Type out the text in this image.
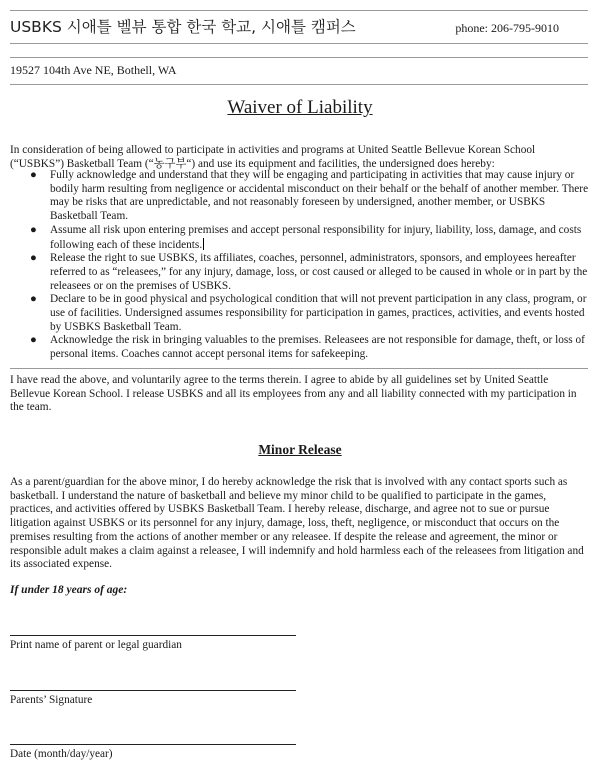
USBKS 시애틀 벨뷰 통합 한국 학교, 시애틀 캠퍼스	phone: 206-795-9010
19527 104th Ave NE, Bothell, WA
Waiver of Liability

In consideration of being allowed to participate in activities and programs at United Seattle Bellevue Korean School (“USBKS”) Basketball Team (“농구부“) and use its equipment and facilities, the undersigned does hereby:

● Fully acknowledge and understand that they will be engaging and participating in activities that may cause injury or bodily harm resulting from negligence or accidental misconduct on their behalf or the behalf of another member. There may be risks that are unpredictable, and not reasonably foreseen by undersigned, another member, or USBKS Basketball Team.
● Assume all risk upon entering premises and accept personal responsibility for injury, liability, loss, damage, and costs following each of these incidents.
● Release the right to sue USBKS, its affiliates, coaches, personnel, administrators, sponsors, and employees hereafter referred to as “releasees,” for any injury, damage, loss, or cost caused or alleged to be caused in whole or in part by the releasees or on the premises of USBKS.
● Declare to be in good physical and psychological condition that will not prevent participation in any class, program, or use of facilities. Undersigned assumes responsibility for participation in games, practices, activities, and events hosted by USBKS Basketball Team.
● Acknowledge the risk in bringing valuables to the premises. Releasees are not responsible for damage, theft, or loss of personal items. Coaches cannot accept personal items for safekeeping.

I have read the above, and voluntarily agree to the terms therein. I agree to abide by all guidelines set by United Seattle Bellevue Korean School. I release USBKS and all its employees from any and all liability connected with my participation in the team.

Minor Release

As a parent/guardian for the above minor, I do hereby acknowledge the risk that is involved with any contact sports such as basketball. I understand the nature of basketball and believe my minor child to be qualified to participate in the games, practices, and activities offered by USBKS Basketball Team. I hereby release, discharge, and agree not to sue or pursue litigation against USBKS or its personnel for any injury, damage, loss, theft, negligence, or misconduct that occurs on the premises resulting from the actions of another member or any releasee. If despite the release and agreement, the minor or responsible adult makes a claim against a releasee, I will indemnify and hold harmless each of the releasees from litigation and its associated expense.

If under 18 years of age:
Print name of parent or legal guardian
Parents’ Signature
Date (month/day/year)
